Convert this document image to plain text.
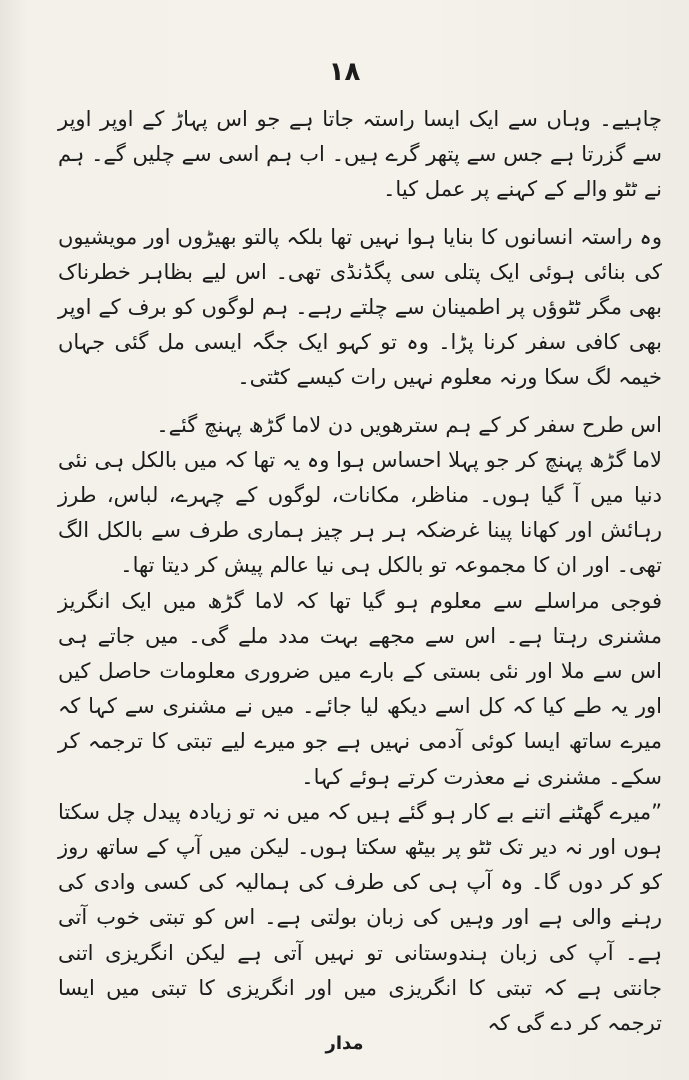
۱۸

چاہیے۔ وہاں سے ایک ایسا راستہ جاتا ہے جو اس پہاڑ کے اوپر اوپر سے گزرتا ہے جس سے پتھر گرے ہیں۔ اب ہم اسی سے چلیں گے۔ ہم نے ٹٹو والے کے کہنے پر عمل کیا۔

وہ راستہ انسانوں کا بنایا ہوا نہیں تھا بلکہ پالتو بھیڑوں اور مویشیوں کی بنائی ہوئی ایک پتلی سی پگڈنڈی تھی۔ اس لیے بظاہر خطرناک بھی مگر ٹٹوؤں پر اطمینان سے چلتے رہے۔ ہم لوگوں کو برف کے اوپر بھی کافی سفر کرنا پڑا۔ وہ تو کہو ایک جگہ ایسی مل گئی جہاں خیمہ لگ سکا ورنہ معلوم نہیں رات کیسے کٹتی۔

اس طرح سفر کر کے ہم سترھویں دن لاما گڑھ پہنچ گئے۔

لاما گڑھ پہنچ کر جو پہلا احساس ہوا وہ یہ تھا کہ میں بالکل ہی نئی دنیا میں آ گیا ہوں۔ مناظر، مکانات، لوگوں کے چہرے، لباس، طرز رہائش اور کھانا پینا غرضکہ ہر ہر چیز ہماری طرف سے بالکل الگ تھی۔ اور ان کا مجموعہ تو بالکل ہی نیا عالم پیش کر دیتا تھا۔

فوجی مراسلے سے معلوم ہو گیا تھا کہ لاما گڑھ میں ایک انگریز مشنری رہتا ہے۔ اس سے مجھے بہت مدد ملے گی۔ میں جاتے ہی اس سے ملا اور نئی بستی کے بارے میں ضروری معلومات حاصل کیں اور یہ طے کیا کہ کل اسے دیکھ لیا جائے۔ میں نے مشنری سے کہا کہ میرے ساتھ ایسا کوئی آدمی نہیں ہے جو میرے لیے تبتی کا ترجمہ کر سکے۔ مشنری نے معذرت کرتے ہوئے کہا۔

”میرے گھٹنے اتنے بے کار ہو گئے ہیں کہ میں نہ تو زیادہ پیدل چل سکتا ہوں اور نہ دیر تک ٹٹو پر بیٹھ سکتا ہوں۔ لیکن میں آپ کے ساتھ روز کو کر دوں گا۔ وہ آپ ہی کی طرف کی ہمالیہ کی کسی وادی کی رہنے والی ہے اور وہیں کی زبان بولتی ہے۔ اس کو تبتی خوب آتی ہے۔ آپ کی زبان ہندوستانی تو نہیں آتی ہے لیکن انگریزی اتنی جانتی ہے کہ تبتی کا انگریزی میں اور انگریزی کا تبتی میں ایسا ترجمہ کر دے گی کہ

مدار
